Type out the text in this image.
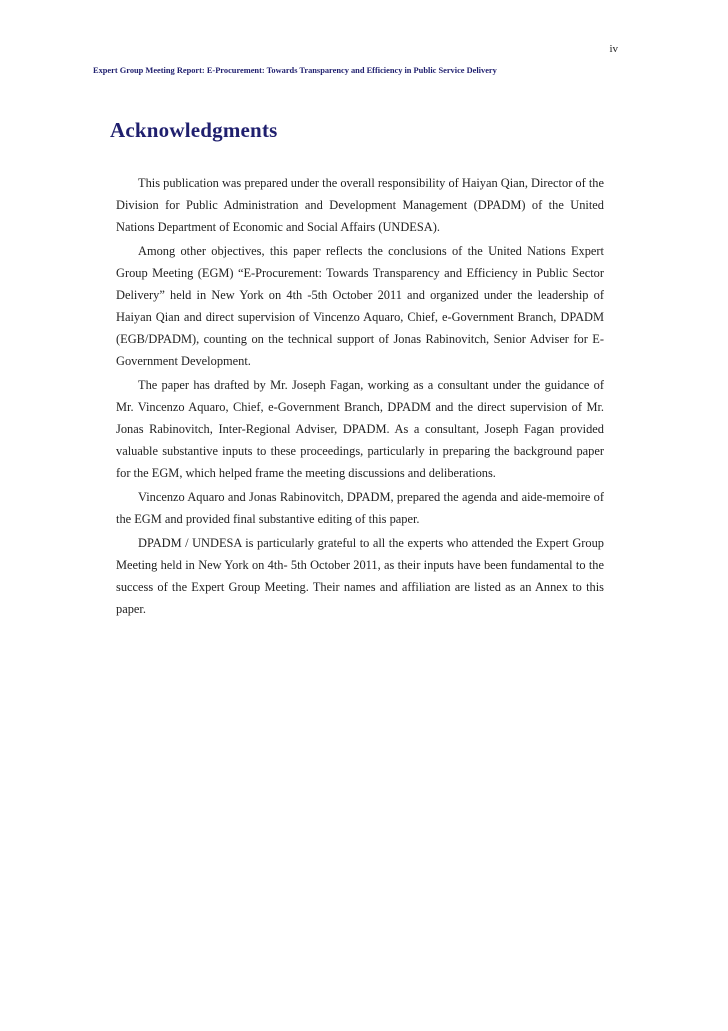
iv
Expert Group Meeting Report: E-Procurement: Towards Transparency and Efficiency in Public Service Delivery
Acknowledgments

This publication was prepared under the overall responsibility of Haiyan Qian, Director of the Division for Public Administration and Development Management (DPADM) of the United Nations Department of Economic and Social Affairs (UNDESA).

Among other objectives, this paper reflects the conclusions of the United Nations Expert Group Meeting (EGM) “E-Procurement: Towards Transparency and Efficiency in Public Sector Delivery” held in New York on 4th -5th October 2011 and organized under the leadership of Haiyan Qian and direct supervision of Vincenzo Aquaro, Chief, e-Government Branch, DPADM (EGB/DPADM), counting on the technical support of Jonas Rabinovitch, Senior Adviser for E-Government Development.

The paper has drafted by Mr. Joseph Fagan, working as a consultant under the guidance of Mr. Vincenzo Aquaro, Chief, e-Government Branch, DPADM and the direct supervision of Mr. Jonas Rabinovitch, Inter-Regional Adviser, DPADM. As a consultant, Joseph Fagan provided valuable substantive inputs to these proceedings, particularly in preparing the background paper for the EGM, which helped frame the meeting discussions and deliberations.

Vincenzo Aquaro and Jonas Rabinovitch, DPADM, prepared the agenda and aide-memoire of the EGM and provided final substantive editing of this paper.

DPADM / UNDESA is particularly grateful to all the experts who attended the Expert Group Meeting held in New York on 4th- 5th October 2011, as their inputs have been fundamental to the success of the Expert Group Meeting. Their names and affiliation are listed as an Annex to this paper.
